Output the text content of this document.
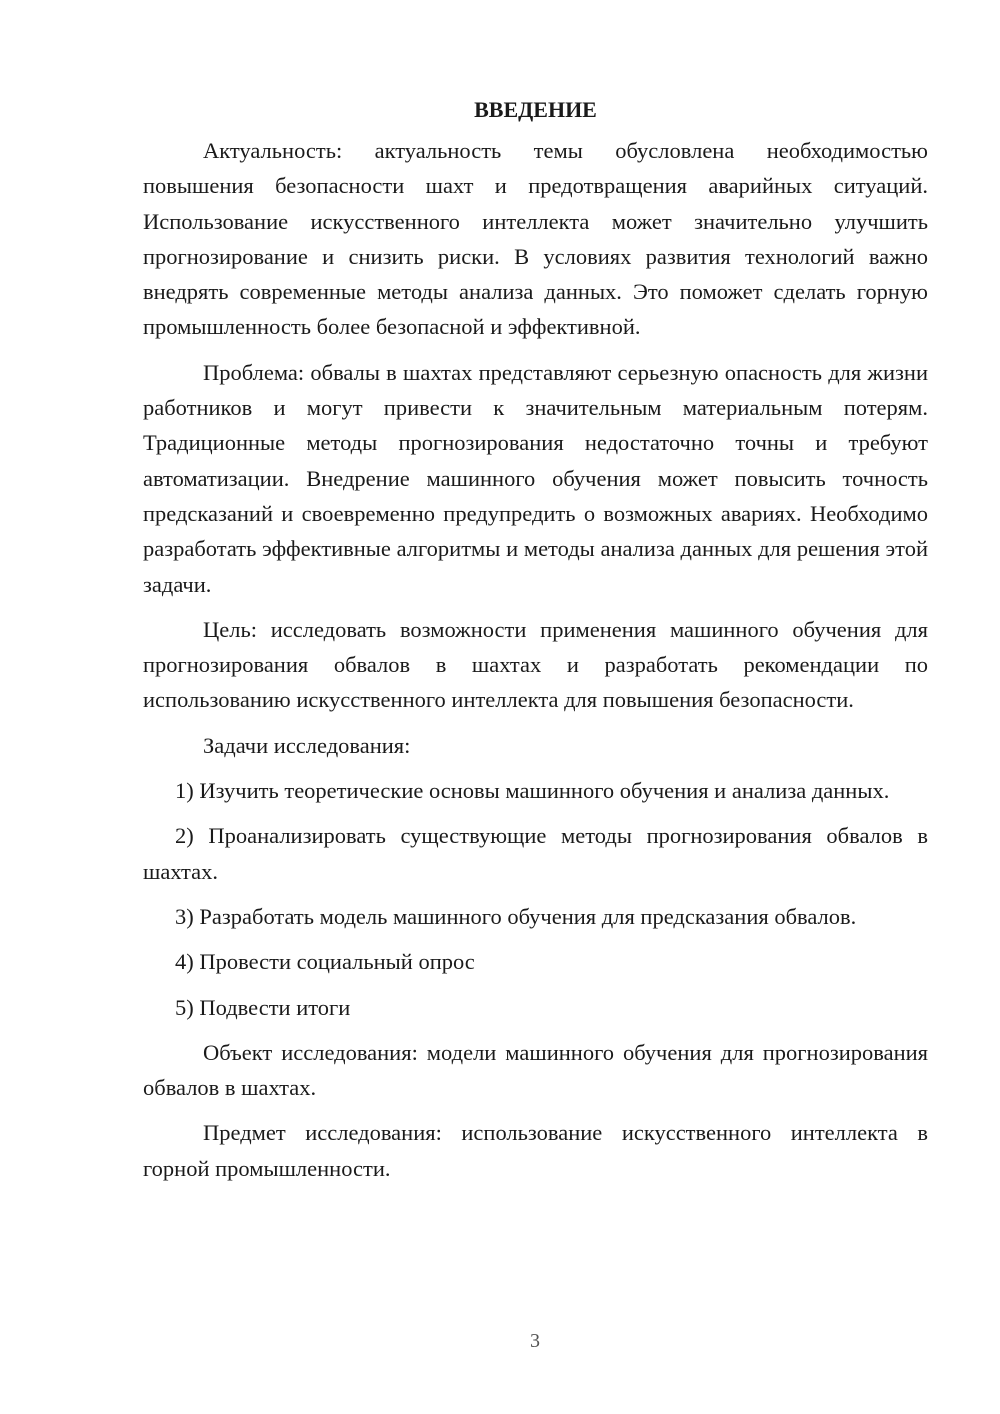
ВВЕДЕНИЕ

Актуальность: актуальность темы обусловлена необходимостью повышения безопасности шахт и предотвращения аварийных ситуаций. Использование искусственного интеллекта может значительно улучшить прогнозирование и снизить риски. В условиях развития технологий важно внедрять современные методы анализа данных. Это поможет сделать горную промышленность более безопасной и эффективной.

Проблема: обвалы в шахтах представляют серьезную опасность для жизни работников и могут привести к значительным материальным потерям. Традиционные методы прогнозирования недостаточно точны и требуют автоматизации. Внедрение машинного обучения может повысить точность предсказаний и своевременно предупредить о возможных авариях. Необходимо разработать эффективные алгоритмы и методы анализа данных для решения этой задачи.

Цель: исследовать возможности применения машинного обучения для прогнозирования обвалов в шахтах и разработать рекомендации по использованию искусственного интеллекта для повышения безопасности.

Задачи исследования:

1) Изучить теоретические основы машинного обучения и анализа данных.

2) Проанализировать существующие методы прогнозирования обвалов в шахтах.

3) Разработать модель машинного обучения для предсказания обвалов.

4) Провести социальный опрос

5) Подвести итоги

Объект исследования: модели машинного обучения для прогнозирования обвалов в шахтах.

Предмет исследования: использование искусственного интеллекта в горной промышленности.

3
